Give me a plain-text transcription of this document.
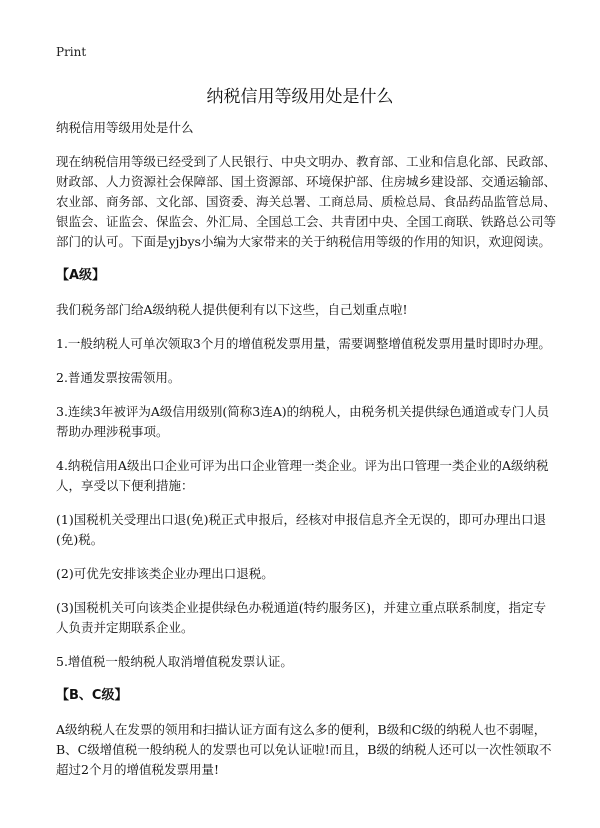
Print
纳税信用等级用处是什么

纳税信用等级用处是什么

现在纳税信用等级已经受到了人民银行、中央文明办、教育部、工业和信息化部、民政部、财政部、人力资源社会保障部、国土资源部、环境保护部、住房城乡建设部、交通运输部、农业部、商务部、文化部、国资委、海关总署、工商总局、质检总局、食品药品监管总局、银监会、证监会、保监会、外汇局、全国总工会、共青团中央、全国工商联、铁路总公司等部门的认可。下面是yjbys小编为大家带来的关于纳税信用等级的作用的知识，欢迎阅读。

【A级】

我们税务部门给A级纳税人提供便利有以下这些，自己划重点啦!

1.一般纳税人可单次领取3个月的增值税发票用量，需要调整增值税发票用量时即时办理。

2.普通发票按需领用。

3.连续3年被评为A级信用级别(简称3连A)的纳税人，由税务机关提供绿色通道或专门人员帮助办理涉税事项。

4.纳税信用A级出口企业可评为出口企业管理一类企业。评为出口管理一类企业的A级纳税人，享受以下便利措施：

(1)国税机关受理出口退(免)税正式申报后，经核对申报信息齐全无误的，即可办理出口退(免)税。

(2)可优先安排该类企业办理出口退税。

(3)国税机关可向该类企业提供绿色办税通道(特约服务区)，并建立重点联系制度，指定专人负责并定期联系企业。

5.增值税一般纳税人取消增值税发票认证。

【B、C级】

A级纳税人在发票的领用和扫描认证方面有这么多的便利，B级和C级的纳税人也不弱喔，B、C级增值税一般纳税人的发票也可以免认证啦!而且，B级的纳税人还可以一次性领取不超过2个月的增值税发票用量!
